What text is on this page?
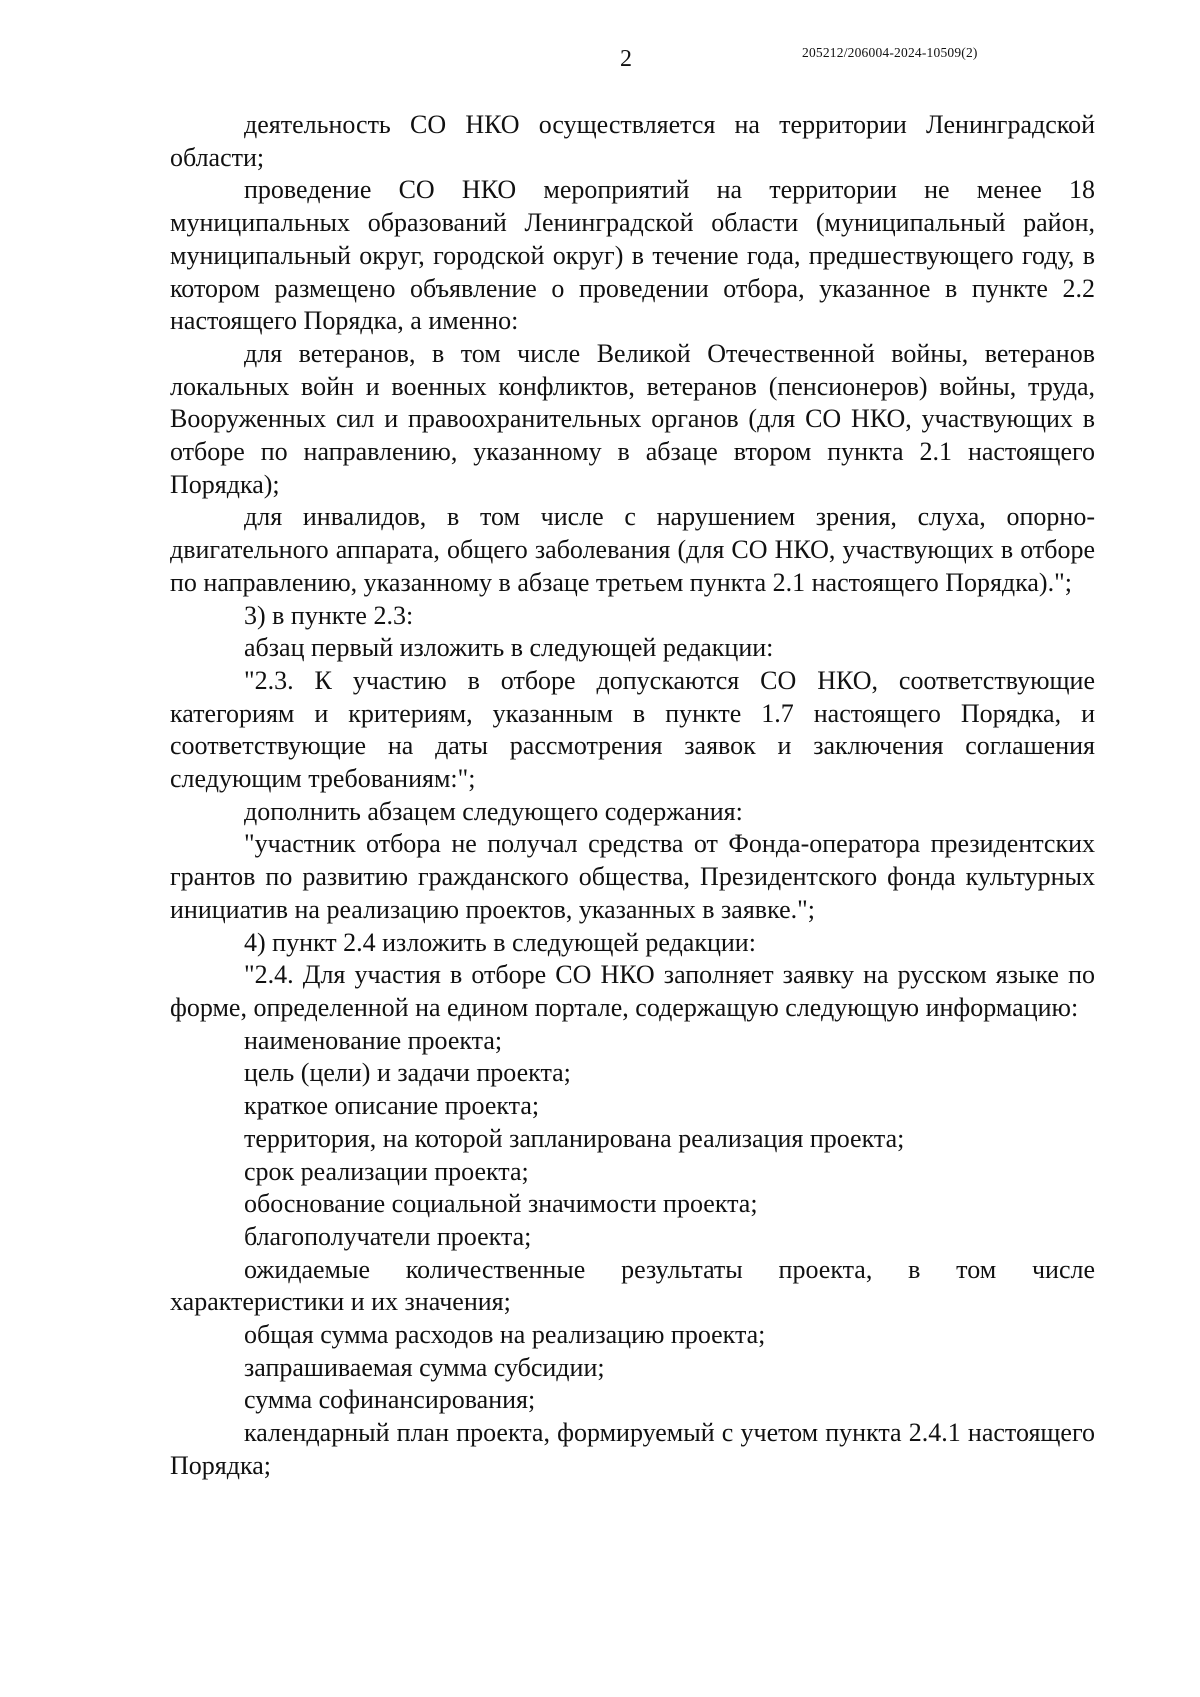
2	205212/206004-2024-10509(2)

деятельность СО НКО осуществляется на территории Ленинградской области;

проведение СО НКО мероприятий на территории не менее 18 муниципальных образований Ленинградской области (муниципальный район, муниципальный округ, городской округ) в течение года, предшествующего году, в котором размещено объявление о проведении отбора, указанное в пункте 2.2 настоящего Порядка, а именно:

для ветеранов, в том числе Великой Отечественной войны, ветеранов локальных войн и военных конфликтов, ветеранов (пенсионеров) войны, труда, Вооруженных сил и правоохранительных органов (для СО НКО, участвующих в отборе по направлению, указанному в абзаце втором пункта 2.1 настоящего Порядка);

для инвалидов, в том числе с нарушением зрения, слуха, опорно-двигательного аппарата, общего заболевания (для СО НКО, участвующих в отборе по направлению, указанному в абзаце третьем пункта 2.1 настоящего Порядка).";

3) в пункте 2.3:

абзац первый изложить в следующей редакции:

"2.3. К участию в отборе допускаются СО НКО, соответствующие категориям и критериям, указанным в пункте 1.7 настоящего Порядка, и соответствующие на даты рассмотрения заявок и заключения соглашения следующим требованиям:";

дополнить абзацем следующего содержания:

"участник отбора не получал средства от Фонда-оператора президентских грантов по развитию гражданского общества, Президентского фонда культурных инициатив на реализацию проектов, указанных в заявке.";

4) пункт 2.4 изложить в следующей редакции:

"2.4. Для участия в отборе СО НКО заполняет заявку на русском языке по форме, определенной на едином портале, содержащую следующую информацию:

наименование проекта;

цель (цели) и задачи проекта;

краткое описание проекта;

территория, на которой запланирована реализация проекта;

срок реализации проекта;

обоснование социальной значимости проекта;

благополучатели проекта;

ожидаемые количественные результаты проекта, в том числе характеристики и их значения;

общая сумма расходов на реализацию проекта;

запрашиваемая сумма субсидии;

сумма софинансирования;

календарный план проекта, формируемый с учетом пункта 2.4.1 настоящего Порядка;
